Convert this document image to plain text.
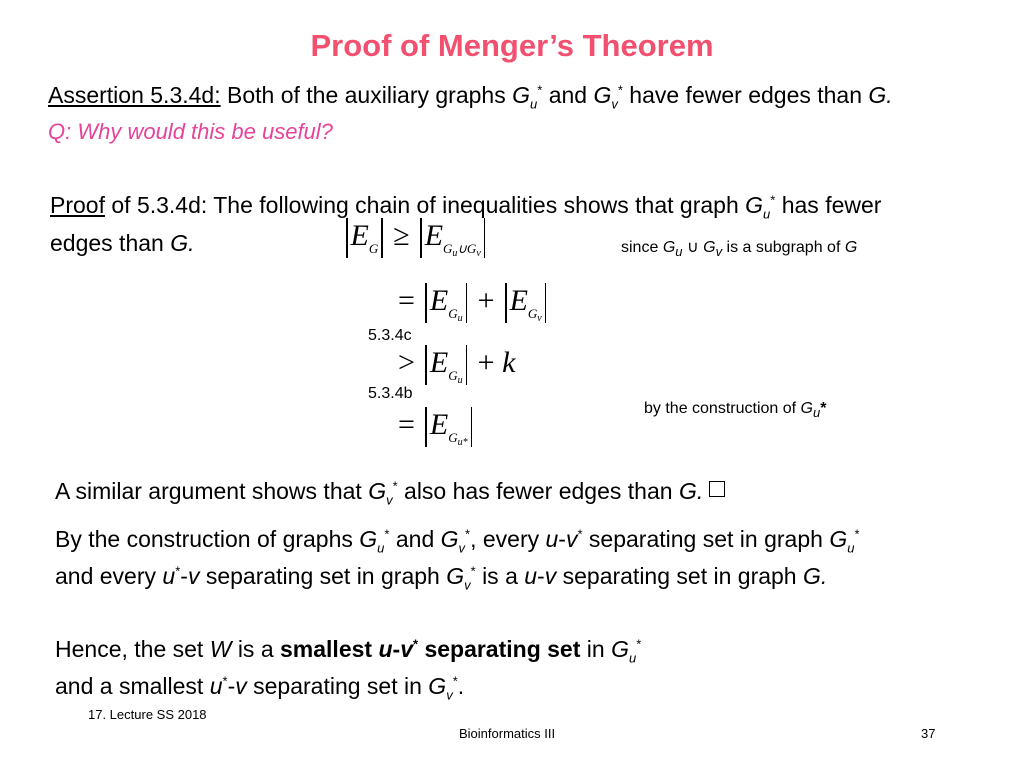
Proof of Menger’s Theorem
Assertion 5.3.4d: Both of the auxiliary graphs $G_u^*$ and $G_v^*$ have fewer edges than G.
Q: Why would this be useful?
Proof of 5.3.4d: The following chain of inequalities shows that graph $G_u^*$ has fewer
edges than G.	$E_G \ge E_{G_u\cup G_v}$	since $G_u$ ∪ $G_v$ is a subgraph of G
= $E_{G_u} + E_{G_v}$
5.3.4c
> $E_{G_u} + k$
5.3.4b
by the construction of $G_u*$
= $E_{G_{u*}}$
A similar argument shows that $G_v^*$ also has fewer edges than G.
By the construction of graphs $G_u^*$ and $G_v^*$, every u-v* separating set in graph $G_u^*$
and every u*-v separating set in graph $G_v^*$ is a u-v separating set in graph G.
Hence, the set W is a smallest u-v* separating set in $G_u^*$
and a smallest u*-v separating set in $G_v^*$.
17. Lecture SS 2018
Bioinformatics III	37
